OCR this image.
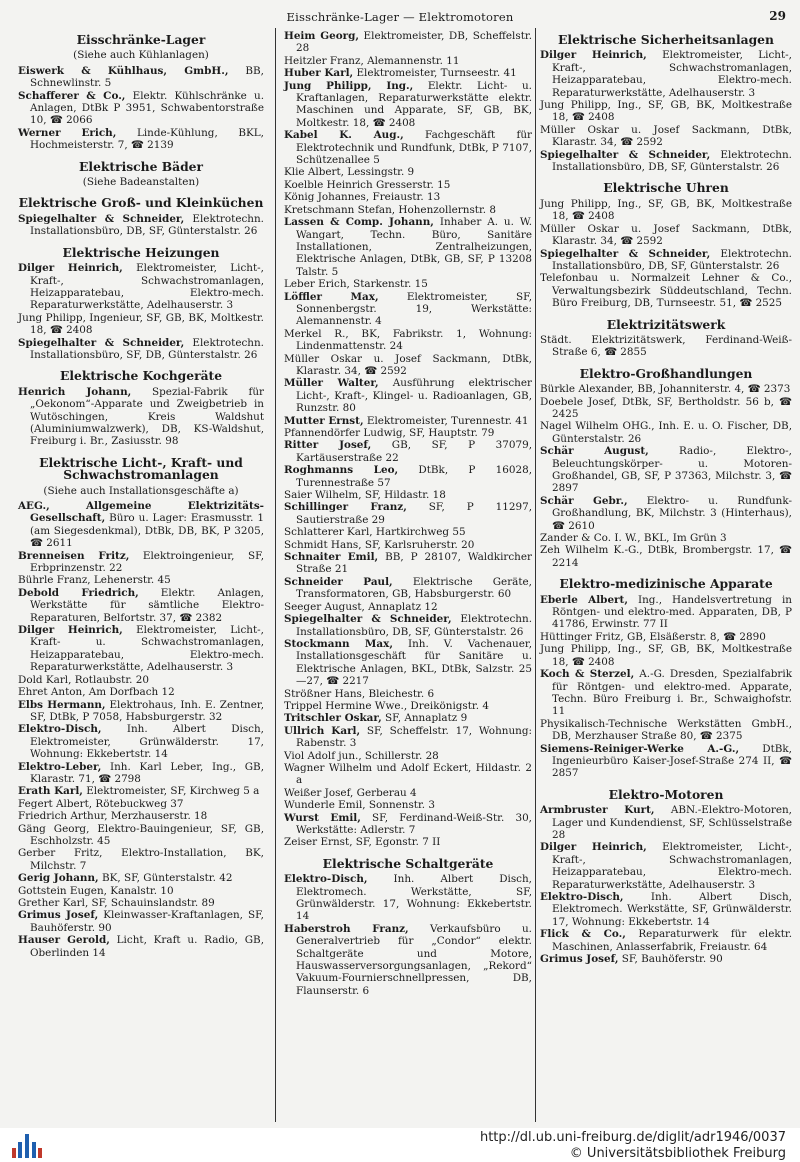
Eisschränke-Lager — Elektromotoren	29
Eisschränke-Lager
(Siehe auch Kühlanlagen)
Eiswerk & Kühlhaus, GmbH., BB, Schnewlinstr. 5
Schafferer & Co., Elektr. Kühlschränke u. Anlagen, DtBk P 3951, Schwabentorstraße 10, ☎ 2066
Werner Erich, Linde-Kühlung, BKL, Hochmeisterstr. 7, ☎ 2139
Elektrische Bäder
(Siehe Badeanstalten)
Elektrische Groß- und Kleinküchen
Spiegelhalter & Schneider, Elektrotechn. Installationsbüro, DB, SF, Günterstalstr. 26
Elektrische Heizungen
Dilger Heinrich, Elektromeister, Licht-, Kraft-, Schwachstromanlagen, Heizapparatebau, Elektro-mech. Reparaturwerkstätte, Adelhauserstr. 3
Jung Philipp, Ingenieur, SF, GB, BK, Moltkestr. 18, ☎ 2408
Spiegelhalter & Schneider, Elektrotechn. Installationsbüro, SF, DB, Günterstalstr. 26
Elektrische Kochgeräte
Henrich Johann, Spezial-Fabrik für „Oekonom“-Apparate und Zweigbetrieb in Wutöschingen, Kreis Waldshut (Aluminiumwalzwerk), DB, KS-Waldshut, Freiburg i. Br., Zasiusstr. 98
Elektrische Licht-, Kraft- und Schwachstromanlagen
(Siehe auch Installationsgeschäfte a)
AEG., Allgemeine Elektrizitäts-Gesellschaft, Büro u. Lager: Erasmusstr. 1 (am Siegesdenkmal), DtBk, DB, BK, P 3205, ☎ 2611
Brenneisen Fritz, Elektroingenieur, SF, Erbprinzenstr. 22
Bührle Franz, Lehenerstr. 45
Debold Friedrich, Elektr. Anlagen, Werkstätte für sämtliche Elektro-Reparaturen, Belfortstr. 37, ☎ 2382
Dilger Heinrich, Elektromeister, Licht-, Kraft- u. Schwachstromanlagen, Heizapparatebau, Elektro-mech. Reparaturwerkstätte, Adelhauserstr. 3
Dold Karl, Rotlaubstr. 20
Ehret Anton, Am Dorfbach 12
Elbs Hermann, Elektrohaus, Inh. E. Zentner, SF, DtBk, P 7058, Habsburgerstr. 32
Elektro-Disch, Inh. Albert Disch, Elektromeister, Grünwälderstr. 17, Wohnung: Ekkebertstr. 14
Elektro-Leber, Inh. Karl Leber, Ing., GB, Klarastr. 71, ☎ 2798
Erath Karl, Elektromeister, SF, Kirchweg 5 a
Fegert Albert, Rötebuckweg 37
Friedrich Arthur, Merzhauserstr. 18
Gäng Georg, Elektro-Bauingenieur, SF, GB, Eschholzstr. 45
Gerber Fritz, Elektro-Installation, BK, Milchstr. 7
Gerig Johann, BK, SF, Günterstalstr. 42
Gottstein Eugen, Kanalstr. 10
Grether Karl, SF, Schauinslandstr. 89
Grimus Josef, Kleinwasser-Kraftanlagen, SF, Bauhöferstr. 90
Hauser Gerold, Licht, Kraft u. Radio, GB, Oberlinden 14
Heim Georg, Elektromeister, DB, Scheffelstr. 28
Heitzler Franz, Alemannenstr. 11
Huber Karl, Elektromeister, Turnseestr. 41
Jung Philipp, Ing., Elektr. Licht- u. Kraftanlagen, Reparaturwerkstätte elektr. Maschinen und Apparate, SF, GB, BK, Moltkestr. 18, ☎ 2408
Kabel K. Aug., Fachgeschäft für Elektrotechnik und Rundfunk, DtBk, P 7107, Schützenallee 5
Klie Albert, Lessingstr. 9
Koelble Heinrich Gresserstr. 15
König Johannes, Freiaustr. 13
Kretschmann Stefan, Hohenzollernstr. 8
Lassen & Comp. Johann, Inhaber A. u. W. Wangart, Techn. Büro, Sanitäre Installationen, Zentralheizungen, Elektrische Anlagen, DtBk, GB, SF, P 13208 Talstr. 5
Leber Erich, Starkenstr. 15
Löffler Max, Elektromeister, SF, Sonnenbergstr. 19, Werkstätte: Alemannenstr. 4
Merkel R., BK, Fabrikstr. 1, Wohnung: Lindenmattenstr. 24
Müller Oskar u. Josef Sackmann, DtBk, Klarastr. 34, ☎ 2592
Müller Walter, Ausführung elektrischer Licht-, Kraft-, Klingel- u. Radioanlagen, GB, Runzstr. 80
Mutter Ernst, Elektromeister, Turennestr. 41
Pfannendörfer Ludwig, SF, Hauptstr. 79
Ritter Josef, GB, SF, P 37079, Kartäuserstraße 22
Roghmanns Leo, DtBk, P 16028, Turennestraße 57
Saier Wilhelm, SF, Hildastr. 18
Schillinger Franz, SF, P 11297, Sautierstraße 29
Schlatterer Karl, Hartkirchweg 55
Schmidt Hans, SF, Karlsruherstr. 20
Schnaiter Emil, BB, P 28107, Waldkircher Straße 21
Schneider Paul, Elektrische Geräte, Transformatoren, GB, Habsburgerstr. 60
Seeger August, Annaplatz 12
Spiegelhalter & Schneider, Elektrotechn. Installationsbüro, DB, SF, Günterstalstr. 26
Stockmann Max, Inh. V. Vachenauer, Installationsgeschäft für Sanitäre u. Elektrische Anlagen, BKL, DtBk, Salzstr. 25—27, ☎ 2217
Strößner Hans, Bleichestr. 6
Trippel Hermine Wwe., Dreikönigstr. 4
Tritschler Oskar, SF, Annaplatz 9
Ullrich Karl, SF, Scheffelstr. 17, Wohnung: Rabenstr. 3
Viol Adolf jun., Schillerstr. 28
Wagner Wilhelm und Adolf Eckert, Hildastr. 2 a
Weißer Josef, Gerberau 4
Wunderle Emil, Sonnenstr. 3
Wurst Emil, SF, Ferdinand-Weiß-Str. 30, Werkstätte: Adlerstr. 7
Zeiser Ernst, SF, Egonstr. 7 II
Elektrische Schaltgeräte
Elektro-Disch, Inh. Albert Disch, Elektromech. Werkstätte, SF, Grünwälderstr. 17, Wohnung: Ekkebertstr. 14
Haberstroh Franz, Verkaufsbüro u. Generalvertrieb für „Condor“ elektr. Schaltgeräte und Motore, Hauswasserversorgungsanlagen, „Rekord“ Vakuum-Fournierschnellpressen, DB, Flaunserstr. 6
Elektrische Sicherheitsanlagen
Dilger Heinrich, Elektromeister, Licht-, Kraft-, Schwachstromanlagen, Heizapparatebau, Elektro-mech. Reparaturwerkstätte, Adelhauserstr. 3
Jung Philipp, Ing., SF, GB, BK, Moltkestraße 18, ☎ 2408
Müller Oskar u. Josef Sackmann, DtBk, Klarastr. 34, ☎ 2592
Spiegelhalter & Schneider, Elektrotechn. Installationsbüro, DB, SF, Günterstalstr. 26
Elektrische Uhren
Jung Philipp, Ing., SF, GB, BK, Moltkestraße 18, ☎ 2408
Müller Oskar u. Josef Sackmann, DtBk, Klarastr. 34, ☎ 2592
Spiegelhalter & Schneider, Elektrotechn. Installationsbüro, DB, SF, Günterstalstr. 26
Telefonbau u. Normalzeit Lehner & Co., Verwaltungsbezirk Süddeutschland, Techn. Büro Freiburg, DB, Turnseestr. 51, ☎ 2525
Elektrizitätswerk
Städt. Elektrizitätswerk, Ferdinand-Weiß-Straße 6, ☎ 2855
Elektro-Großhandlungen
Bürkle Alexander, BB, Johanniterstr. 4, ☎ 2373
Doebele Josef, DtBk, SF, Bertholdstr. 56 b, ☎ 2425
Nagel Wilhelm OHG., Inh. E. u. O. Fischer, DB, Günterstalstr. 26
Schär August, Radio-, Elektro-, Beleuchtungskörper- u. Motoren-Großhandel, GB, SF, P 37363, Milchstr. 3, ☎ 2897
Schär Gebr., Elektro- u. Rundfunk-Großhandlung, BK, Milchstr. 3 (Hinterhaus), ☎ 2610
Zander & Co. I. W., BKL, Im Grün 3
Zeh Wilhelm K.-G., DtBk, Brombergstr. 17, ☎ 2214
Elektro-medizinische Apparate
Eberle Albert, Ing., Handelsvertretung in Röntgen- und elektro-med. Apparaten, DB, P 41786, Erwinstr. 77 II
Hüttinger Fritz, GB, Elsäßerstr. 8, ☎ 2890
Jung Philipp, Ing., SF, GB, BK, Moltkestraße 18, ☎ 2408
Koch & Sterzel, A.-G. Dresden, Spezialfabrik für Röntgen- und elektro-med. Apparate, Techn. Büro Freiburg i. Br., Schwaighofstr. 11
Physikalisch-Technische Werkstätten GmbH., DB, Merzhauser Straße 80, ☎ 2375
Siemens-Reiniger-Werke A.-G., DtBk, Ingenieurbüro Kaiser-Josef-Straße 274 II, ☎ 2857
Elektro-Motoren
Armbruster Kurt, ABN.-Elektro-Motoren, Lager und Kundendienst, SF, Schlüsselstraße 28
Dilger Heinrich, Elektromeister, Licht-, Kraft-, Schwachstromanlagen, Heizapparatebau, Elektro-mech. Reparaturwerkstätte, Adelhauserstr. 3
Elektro-Disch, Inh. Albert Disch, Elektromech. Werkstätte, SF, Grünwälderstr. 17, Wohnung: Ekkebertstr. 14
Flick & Co., Reparaturwerk für elektr. Maschinen, Anlasserfabrik, Freiaustr. 64
Grimus Josef, SF, Bauhöferstr. 90
http://dl.ub.uni-freiburg.de/diglit/adr1946/0037
© Universitätsbibliothek Freiburg
